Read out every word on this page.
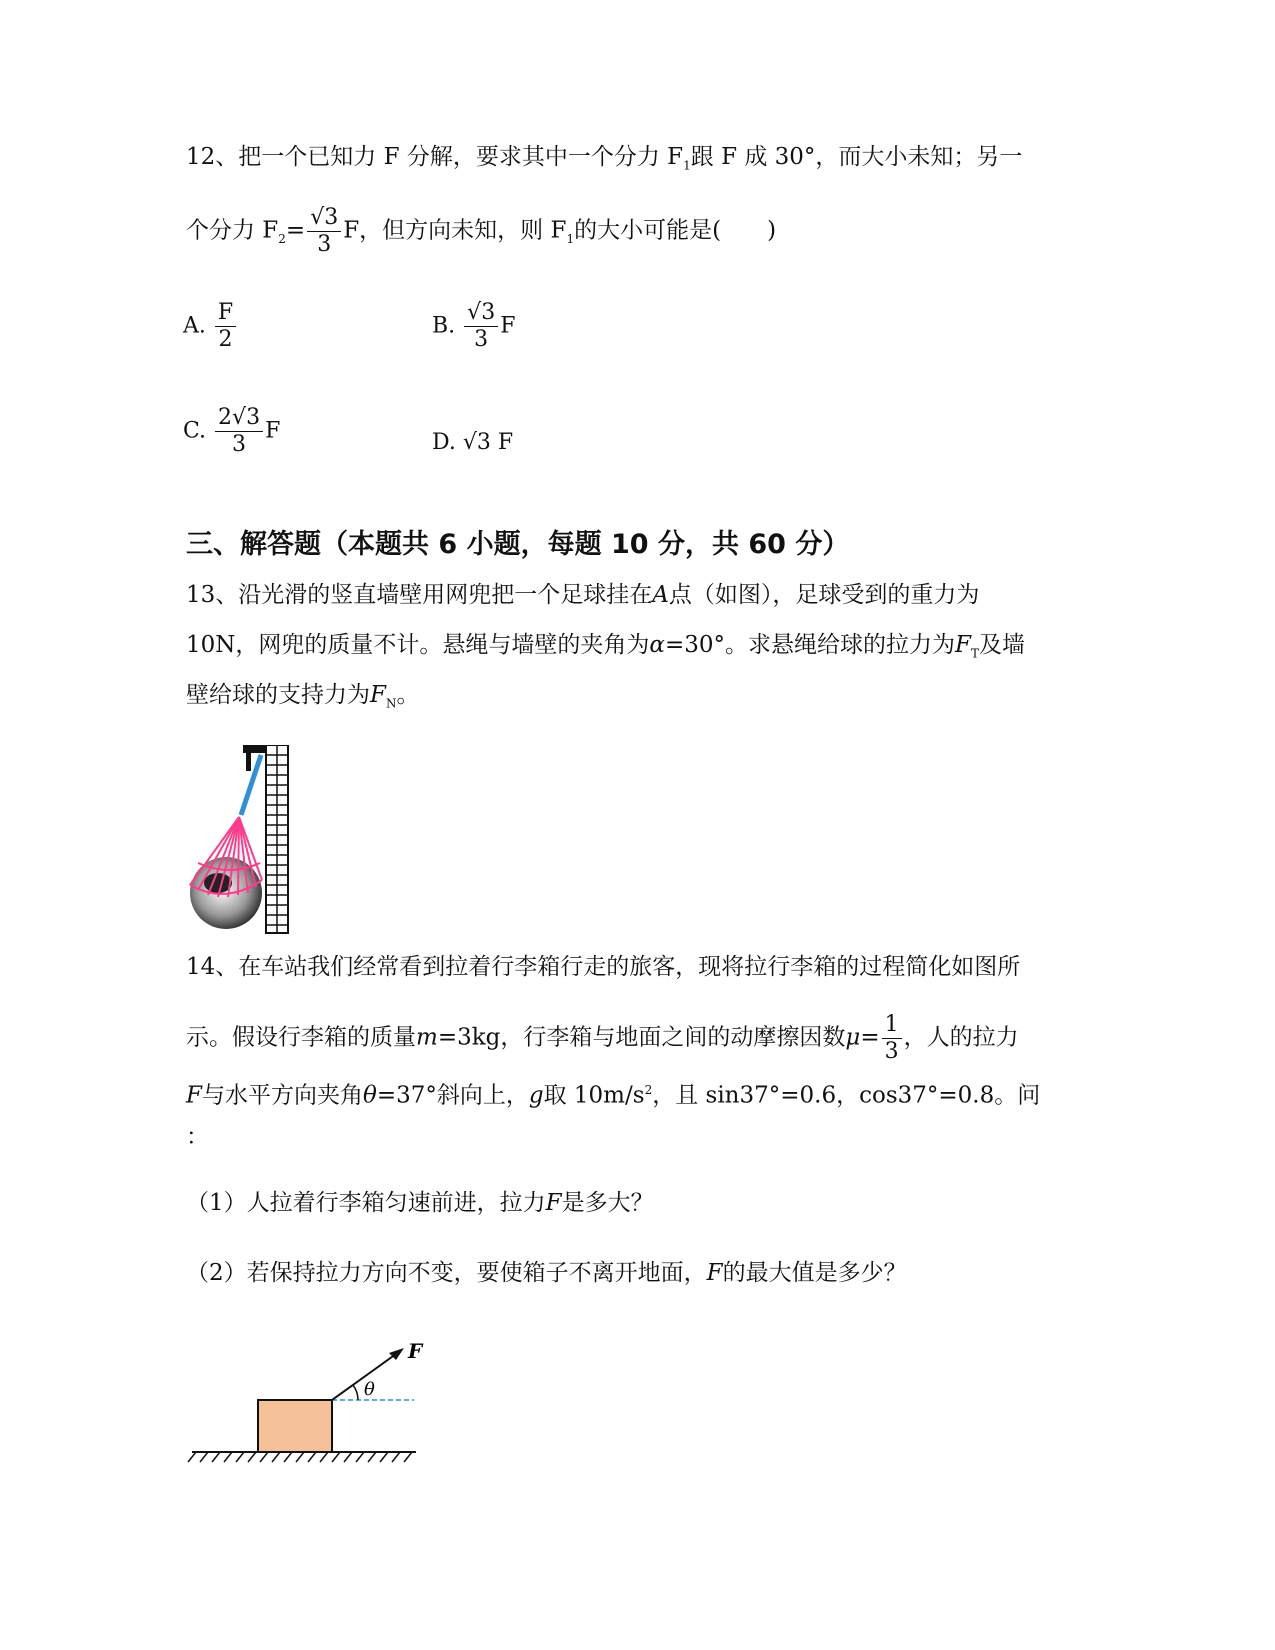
12、把一个已知力 F 分解，要求其中一个分力 $F_1$跟 F 成 30°，而大小未知；另一
个分力 $F_2= \frac{√3}{3}$ F，但方向未知，则 $F_1$的大小可能是(　　)
A. $\frac{F}{2}$	B. $\frac{√3}{3}$ F
C. $\frac{2√3}{3}$ F	D. √3 F
三、解答题（本题共 6 小题，每题 10 分，共 60 分）
13、沿光滑的竖直墙壁用网兜把一个足球挂在A点（如图），足球受到的重力为
10N，网兜的质量不计。悬绳与墙壁的夹角为α=30°。求悬绳给球的拉力为$F_T$及墙
壁给球的支持力为$F_N$。
14、在车站我们经常看到拉着行李箱行走的旅客，现将拉行李箱的过程简化如图所
示。假设行李箱的质量m=3kg，行李箱与地面之间的动摩擦因数$\mu= \frac{1}{3}$ ，人的拉力
F与水平方向夹角θ=37°斜向上，g取 $10m/s^2$，且 sin37°=0.6，cos37°=0.8。问
：
（1）人拉着行李箱匀速前进，拉力F是多大？
（2）若保持拉力方向不变，要使箱子不离开地面，F的最大值是多少？
F
θ
